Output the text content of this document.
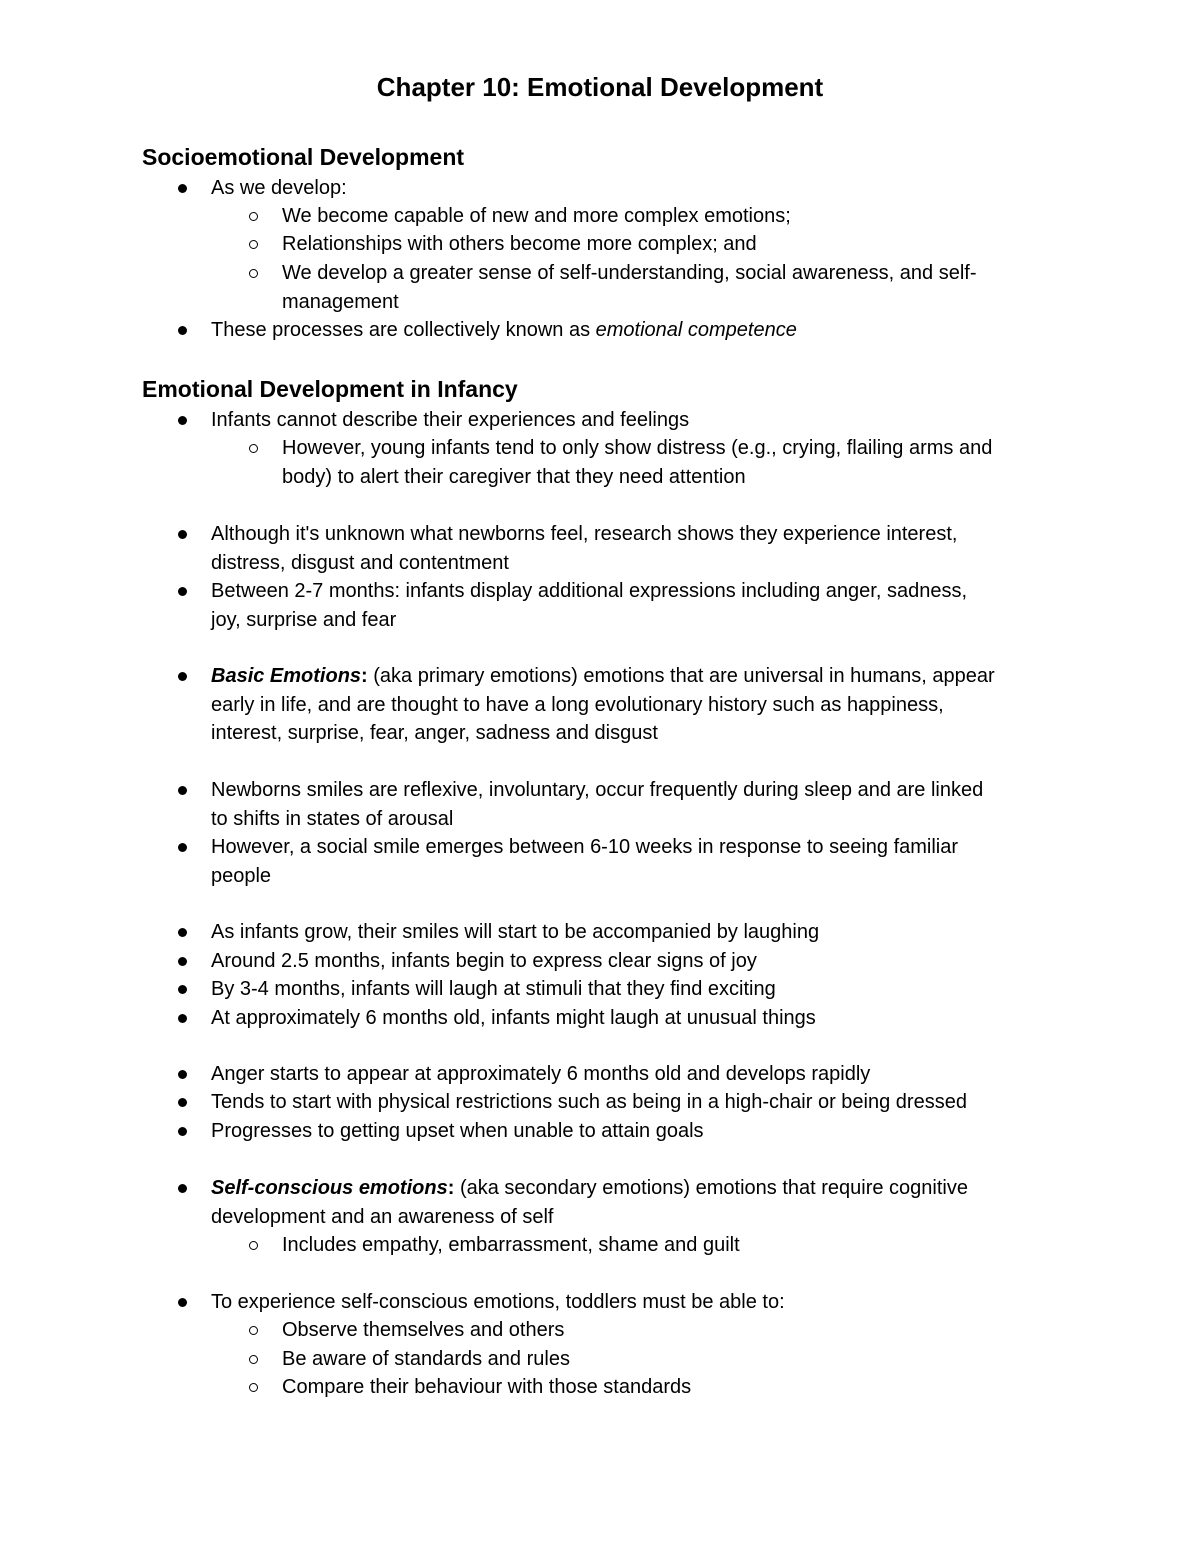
Chapter 10: Emotional Development
Socioemotional Development
As we develop:
We become capable of new and more complex emotions;
Relationships with others become more complex; and
We develop a greater sense of self-understanding, social awareness, and self-
management
These processes are collectively known as emotional competence
Emotional Development in Infancy
Infants cannot describe their experiences and feelings
However, young infants tend to only show distress (e.g., crying, flailing arms and
body) to alert their caregiver that they need attention
Although it's unknown what newborns feel, research shows they experience interest,
distress, disgust and contentment
Between 2-7 months: infants display additional expressions including anger, sadness,
joy, surprise and fear
Basic Emotions: (aka primary emotions) emotions that are universal in humans, appear
early in life, and are thought to have a long evolutionary history such as happiness,
interest, surprise, fear, anger, sadness and disgust
Newborns smiles are reflexive, involuntary, occur frequently during sleep and are linked
to shifts in states of arousal
However, a social smile emerges between 6-10 weeks in response to seeing familiar
people
As infants grow, their smiles will start to be accompanied by laughing
Around 2.5 months, infants begin to express clear signs of joy
By 3-4 months, infants will laugh at stimuli that they find exciting
At approximately 6 months old, infants might laugh at unusual things
Anger starts to appear at approximately 6 months old and develops rapidly
Tends to start with physical restrictions such as being in a high-chair or being dressed
Progresses to getting upset when unable to attain goals
Self-conscious emotions: (aka secondary emotions) emotions that require cognitive
development and an awareness of self
Includes empathy, embarrassment, shame and guilt
To experience self-conscious emotions, toddlers must be able to:
Observe themselves and others
Be aware of standards and rules
Compare their behaviour with those standards
